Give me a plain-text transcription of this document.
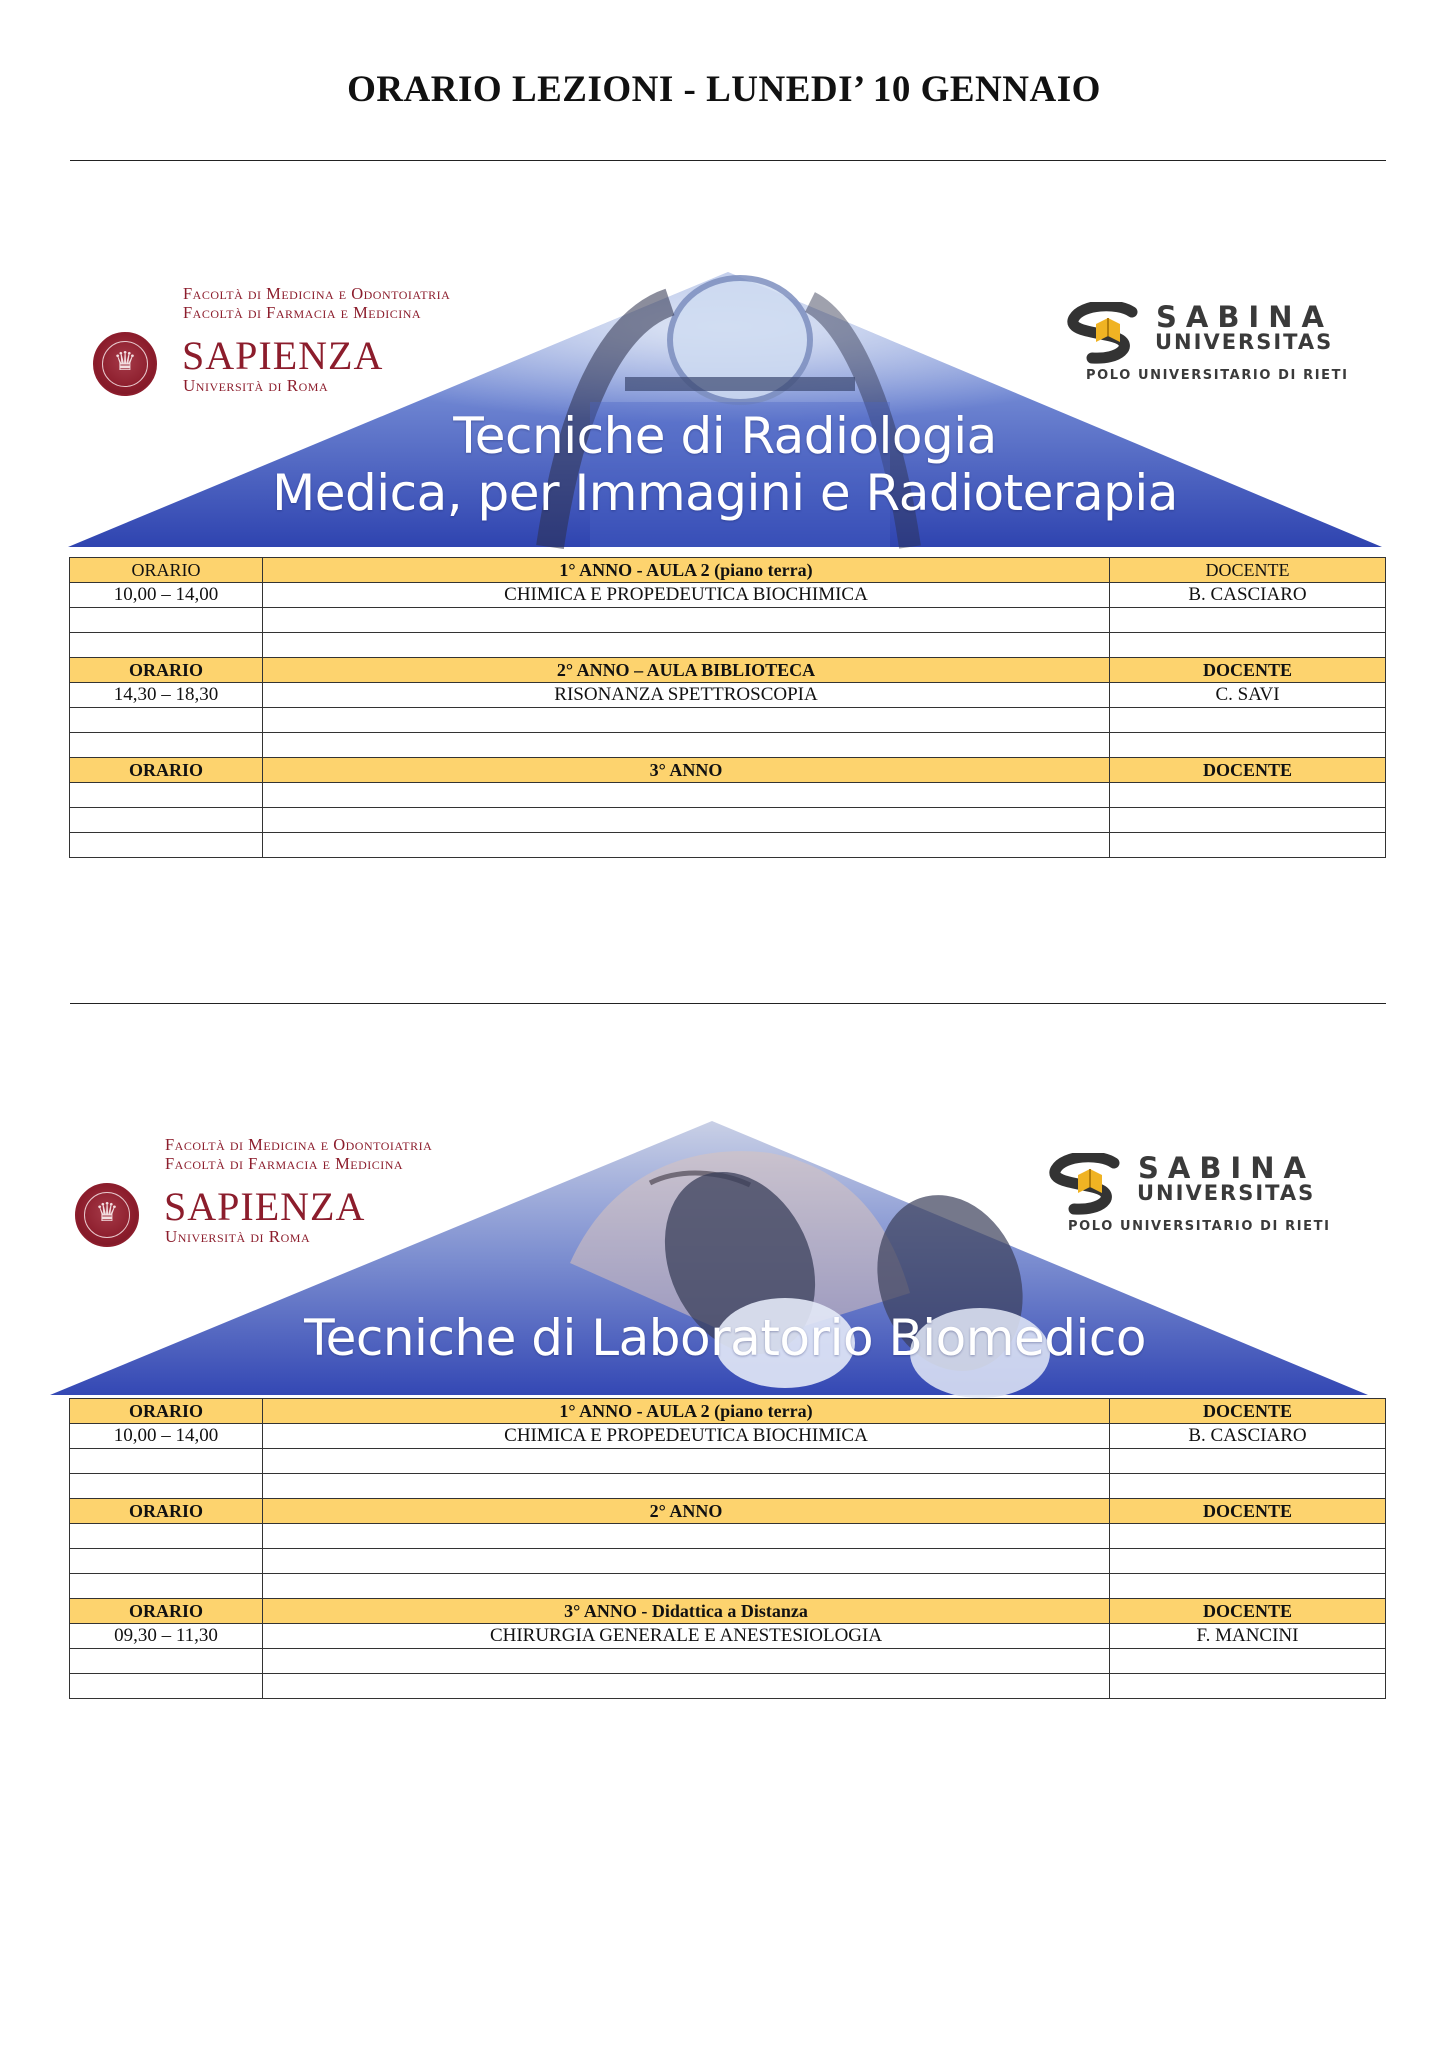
ORARIO LEZIONI - LUNEDI’ 10 GENNAIO
Facoltà di Medicina e Odontoiatria
Facoltà di Farmacia e Medicina
♛
SAPIENZA
Università di Roma
SABINA
UNIVERSITAS
POLO UNIVERSITARIO DI RIETI
Tecniche di Radiologia
Medica, per Immagini e Radioterapia
ORARIO	1° ANNO - AULA 2 (piano terra)	DOCENTE
10,00 – 14,00	CHIMICA E PROPEDEUTICA BIOCHIMICA	B. CASCIARO

ORARIO	2° ANNO – AULA BIBLIOTECA	DOCENTE
14,30 – 18,30	RISONANZA SPETTROSCOPIA	C. SAVI

ORARIO	3° ANNO	DOCENTE

Facoltà di Medicina e Odontoiatria
Facoltà di Farmacia e Medicina
♛
SAPIENZA
Università di Roma
SABINA
UNIVERSITAS
POLO UNIVERSITARIO DI RIETI
Tecniche di Laboratorio Biomedico
ORARIO	1° ANNO - AULA 2 (piano terra)	DOCENTE
10,00 – 14,00	CHIMICA E PROPEDEUTICA BIOCHIMICA	B. CASCIARO

ORARIO	2° ANNO	DOCENTE

ORARIO	3° ANNO - Didattica a Distanza	DOCENTE
09,30 – 11,30	CHIRURGIA GENERALE E ANESTESIOLOGIA	F. MANCINI
